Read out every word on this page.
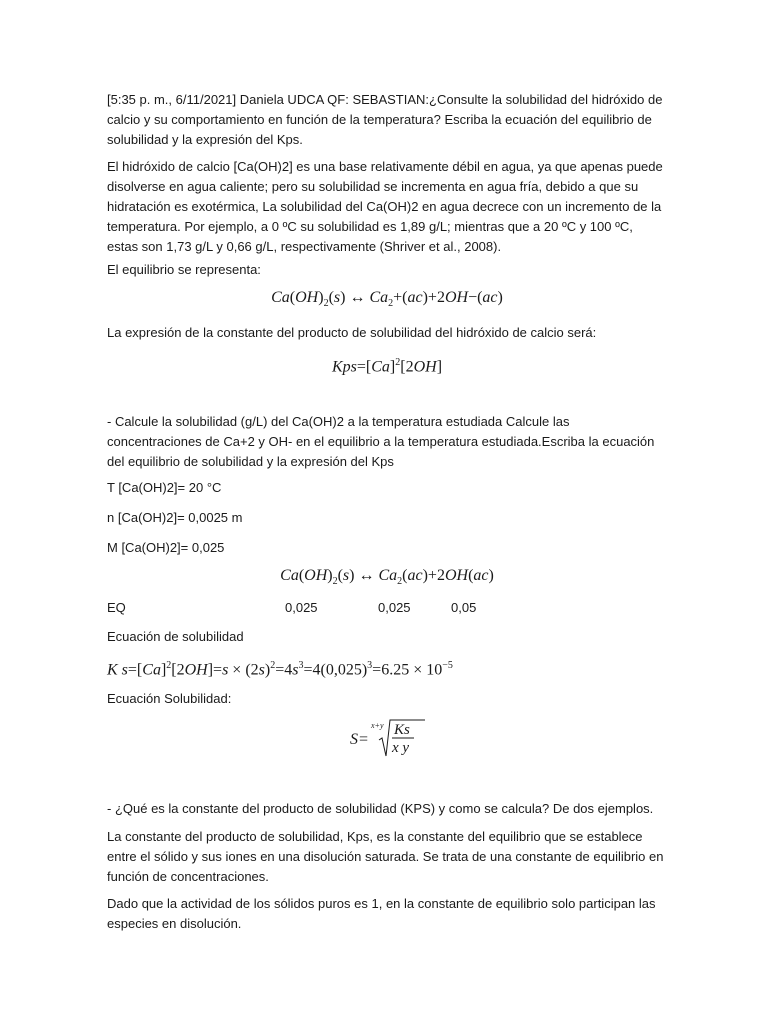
[5:35 p. m., 6/11/2021] Daniela UDCA QF: SEBASTIAN:¿Consulte la solubilidad del hidróxido de calcio y su comportamiento en función de la temperatura? Escriba la ecuación del equilibrio de solubilidad y la expresión del Kps.

El hidróxido de calcio [Ca(OH)2] es una base relativamente débil en agua, ya que apenas puede disolverse en agua caliente; pero su solubilidad se incrementa en agua fría, debido a que su hidratación es exotérmica, La solubilidad del Ca(OH)2 en agua decrece con un incremento de la temperatura. Por ejemplo, a 0 ºC su solubilidad es 1,89 g/L; mientras que a 20 ºC y 100 ºC, estas son 1,73 g/L y 0,66 g/L, respectivamente (Shriver et al., 2008).

El equilibrio se representa:

$Ca(OH)_2(s)$ ↔ $Ca_2+(ac)+2OH-(ac)$

La expresión de la constante del producto de solubilidad del hidróxido de calcio será:

$Kps=[Ca]^2[2OH]$

- Calcule la solubilidad (g/L) del Ca(OH)2 a la temperatura estudiada Calcule las concentraciones de Ca+2 y OH- en el equilibrio a la temperatura estudiada.Escriba la ecuación del equilibrio de solubilidad y la expresión del Kps

T [Ca(OH)2]= 20 °C

n [Ca(OH)2]= 0,0025 m

M [Ca(OH)2]= 0,025

$Ca(OH)_2(s)$ ↔ $Ca_2(ac)+2OH(ac)$
EQ	0,025	0,025	0,05

Ecuación de solubilidad

K $s=[Ca]^2[2OH]=s \times (2s)^2=4s^3=4(0,025)^3=6.25 \times 10^{-5}$

Ecuación Solubilidad:

S=
x+y Ks
x y

- ¿Qué es la constante del producto de solubilidad (KPS) y como se calcula? De dos ejemplos.

La constante del producto de solubilidad, Kps, es la constante del equilibrio que se establece entre el sólido y sus iones en una disolución saturada. Se trata de una constante de equilibrio en función de concentraciones.

Dado que la actividad de los sólidos puros es 1, en la constante de equilibrio solo participan las especies en disolución.
